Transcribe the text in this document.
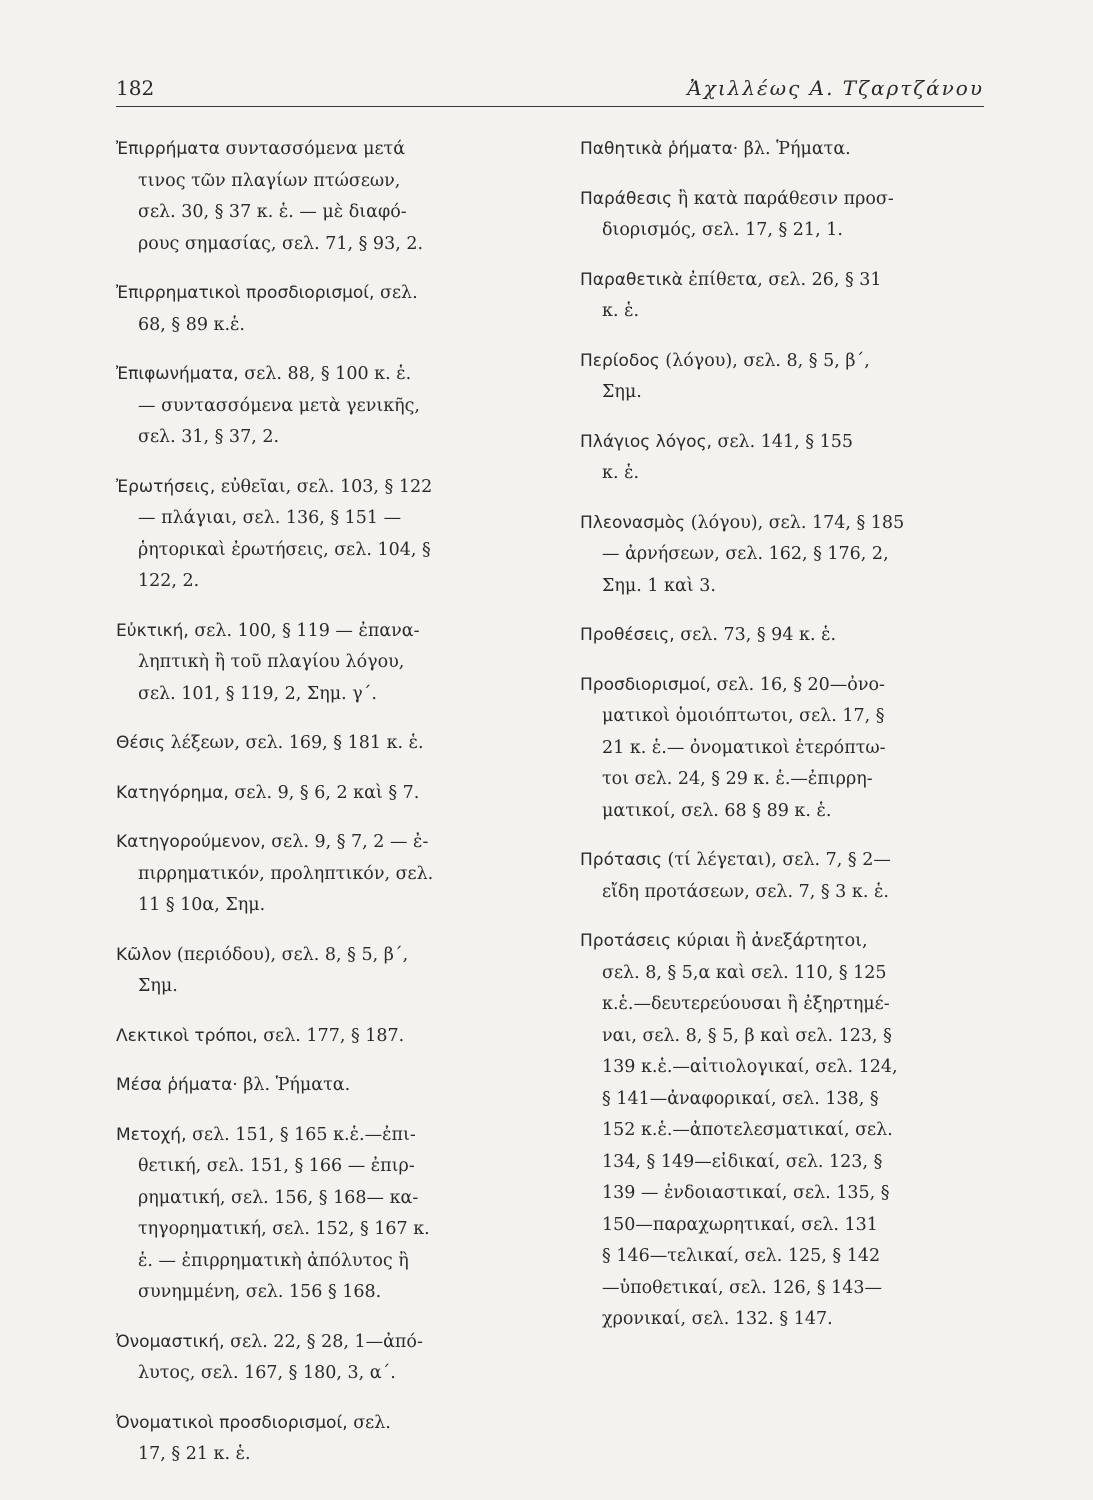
182	Ἀχιλλέως Α. Τζαρτζάνου
Ἐπιρρήματα συντασσόμενα μετά
τινος τῶν πλαγίων πτώσεων,
σελ. 30, § 37 κ. ἑ. — μὲ διαφό-
ρους σημασίας, σελ. 71, § 93, 2.
Ἐπιρρηματικοὶ προσδιορισμοί, σελ.
68, § 89 κ.ἑ.
Ἐπιφωνήματα, σελ. 88, § 100 κ. ἑ.
— συντασσόμενα μετὰ γενικῆς,
σελ. 31, § 37, 2.
Ἐρωτήσεις, εὐθεῖαι, σελ. 103, § 122
— πλάγιαι, σελ. 136, § 151 —
ῥητορικαὶ ἐρωτήσεις, σελ. 104, §
122, 2.
Εὐκτική, σελ. 100, § 119 — ἐπανα-
ληπτικὴ ἢ τοῦ πλαγίου λόγου,
σελ. 101, § 119, 2, Σημ. γ΄.
Θέσις λέξεων, σελ. 169, § 181 κ. ἑ.
Κατηγόρημα, σελ. 9, § 6, 2 καὶ § 7.
Κατηγορούμενον, σελ. 9, § 7, 2 — ἐ-
πιρρηματικόν, προληπτικόν, σελ.
11 § 10α, Σημ.
Κῶλον (περιόδου), σελ. 8, § 5, β΄,
Σημ.
Λεκτικοὶ τρόποι, σελ. 177, § 187.
Μέσα ῥήματα· βλ. Ῥήματα.
Μετοχή, σελ. 151, § 165 κ.ἑ.—ἐπι-
θετική, σελ. 151, § 166 — ἐπιρ-
ρηματική, σελ. 156, § 168— κα-
τηγορηματική, σελ. 152, § 167 κ.
ἑ. — ἐπιρρηματικὴ ἀπόλυτος ἢ
συνημμένη, σελ. 156 § 168.
Ὀνομαστική, σελ. 22, § 28, 1—ἀπό-
λυτος, σελ. 167, § 180, 3, α΄.
Ὀνοματικοὶ προσδιορισμοί, σελ.
17, § 21 κ. ἑ.
Παθητικὰ ῥήματα· βλ. Ῥήματα.
Παράθεσις ἢ κατὰ παράθεσιν προσ-
διορισμός, σελ. 17, § 21, 1.
Παραθετικὰ ἐπίθετα, σελ. 26, § 31
κ. ἑ.
Περίοδος (λόγου), σελ. 8, § 5, β΄,
Σημ.
Πλάγιος λόγος, σελ. 141, § 155
κ. ἑ.
Πλεονασμὸς (λόγου), σελ. 174, § 185
— ἀρνήσεων, σελ. 162, § 176, 2,
Σημ. 1 καὶ 3.
Προθέσεις, σελ. 73, § 94 κ. ἑ.
Προσδιορισμοί, σελ. 16, § 20—ὀνο-
ματικοὶ ὁμοιόπτωτοι, σελ. 17, §
21 κ. ἑ.— ὀνοματικοὶ ἑτερόπτω-
τοι σελ. 24, § 29 κ. ἑ.—ἐπιρρη-
ματικοί, σελ. 68 § 89 κ. ἑ.
Πρότασις (τί λέγεται), σελ. 7, § 2—
εἴδη προτάσεων, σελ. 7, § 3 κ. ἑ.
Προτάσεις κύριαι ἢ ἀνεξάρτητοι,
σελ. 8, § 5,α καὶ σελ. 110, § 125
κ.ἑ.—δευτερεύουσαι ἢ ἐξηρτημέ-
ναι, σελ. 8, § 5, β καὶ σελ. 123, §
139 κ.ἑ.—αἰτιολογικαί, σελ. 124,
§ 141—ἀναφορικαί, σελ. 138, §
152 κ.ἑ.—ἀποτελεσματικαί, σελ.
134, § 149—εἰδικαί, σελ. 123, §
139 — ἐνδοιαστικαί, σελ. 135, §
150—παραχωρητικαί, σελ. 131
§ 146—τελικαί, σελ. 125, § 142
—ὑποθετικαί, σελ. 126, § 143—
χρονικαί, σελ. 132. § 147.
